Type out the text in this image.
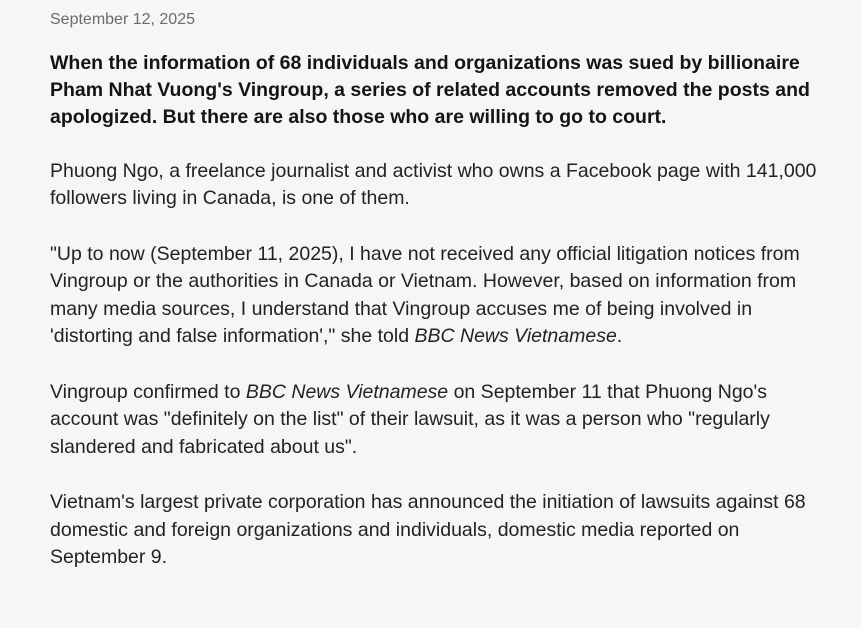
September 12, 2025

When the information of 68 individuals and organizations was sued by billionaire Pham Nhat Vuong's Vingroup, a series of related accounts removed the posts and apologized. But there are also those who are willing to go to court.

Phuong Ngo, a freelance journalist and activist who owns a Facebook page with 141,000 followers living in Canada, is one of them.

"Up to now (September 11, 2025), I have not received any official litigation notices from Vingroup or the authorities in Canada or Vietnam. However, based on information from many media sources, I understand that Vingroup accuses me of being involved in 'distorting and false information'," she told BBC News Vietnamese.

Vingroup confirmed to BBC News Vietnamese on September 11 that Phuong Ngo's account was "definitely on the list" of their lawsuit, as it was a person who "regularly slandered and fabricated about us".

Vietnam's largest private corporation has announced the initiation of lawsuits against 68 domestic and foreign organizations and individuals, domestic media reported on September 9.
